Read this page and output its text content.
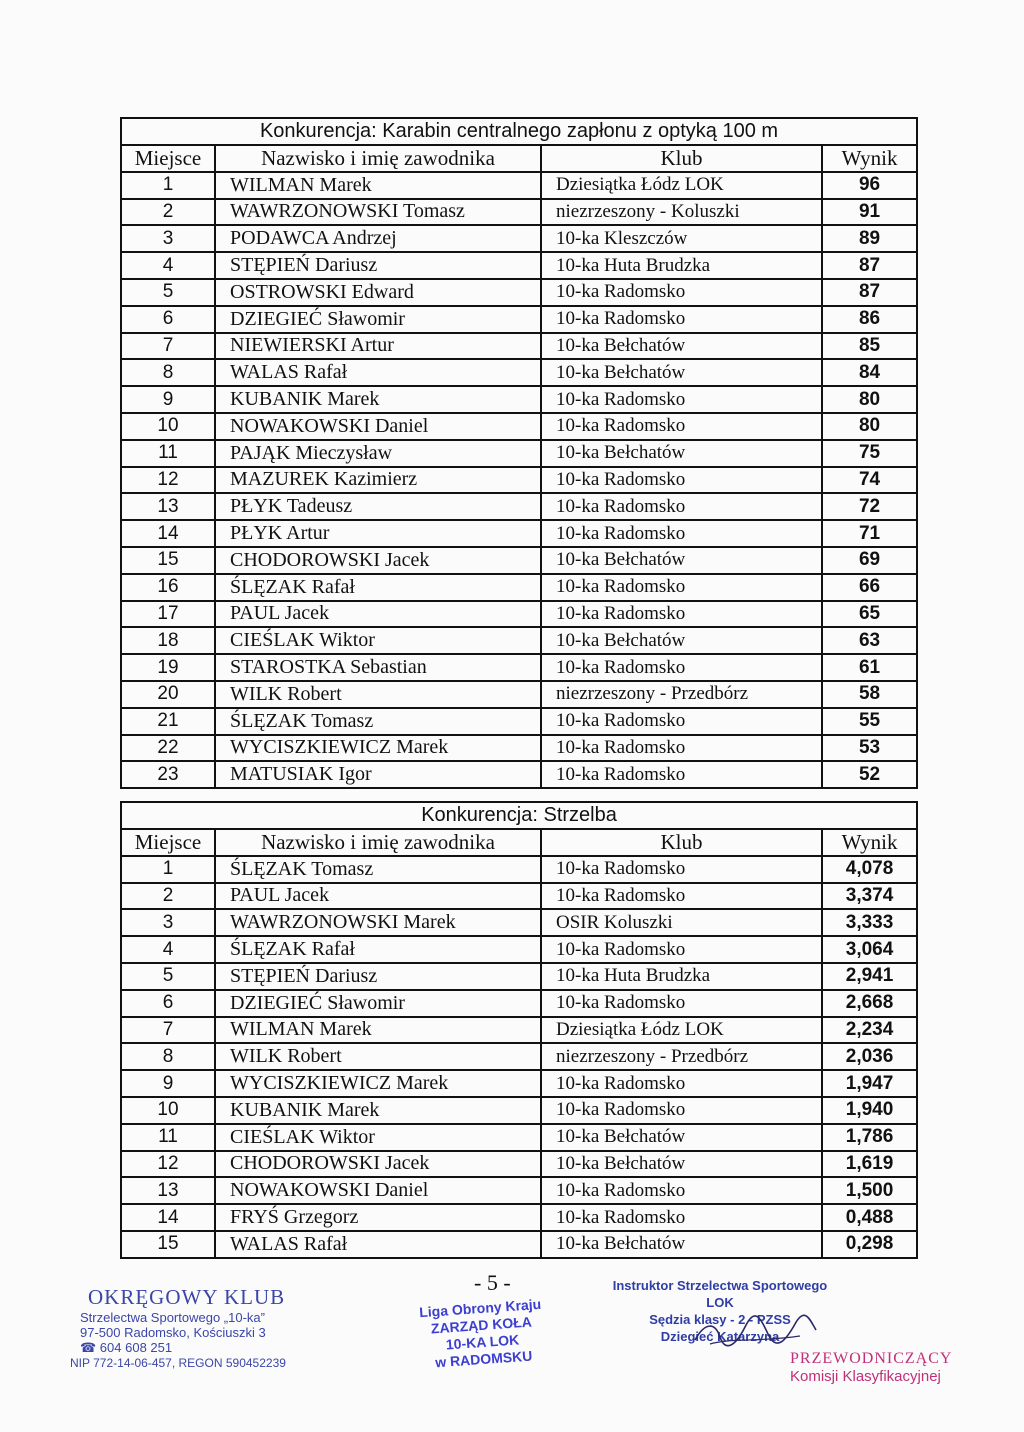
Konkurencja: Karabin centralnego zapłonu z optyką 100 m			
Miejsce	Nazwisko i imię zawodnika	Klub	Wynik
1	WILMAN Marek	Dziesiątka Łódz LOK	96
2	WAWRZONOWSKI Tomasz	niezrzeszony - Koluszki	91
3	PODAWCA Andrzej	10-ka Kleszczów	89
4	STĘPIEŃ Dariusz	10-ka Huta Brudzka	87
5	OSTROWSKI Edward	10-ka Radomsko	87
6	DZIEGIEĆ Sławomir	10-ka Radomsko	86
7	NIEWIERSKI Artur	10-ka Bełchatów	85
8	WALAS Rafał	10-ka Bełchatów	84
9	KUBANIK Marek	10-ka Radomsko	80
10	NOWAKOWSKI Daniel	10-ka Radomsko	80
11	PAJĄK Mieczysław	10-ka Bełchatów	75
12	MAZUREK Kazimierz	10-ka Radomsko	74
13	PŁYK Tadeusz	10-ka Radomsko	72
14	PŁYK Artur	10-ka Radomsko	71
15	CHODOROWSKI Jacek	10-ka Bełchatów	69
16	ŚLĘZAK Rafał	10-ka Radomsko	66
17	PAUL Jacek	10-ka Radomsko	65
18	CIEŚLAK Wiktor	10-ka Bełchatów	63
19	STAROSTKA Sebastian	10-ka Radomsko	61
20	WILK Robert	niezrzeszony - Przedbórz	58
21	ŚLĘZAK Tomasz	10-ka Radomsko	55
22	WYCISZKIEWICZ Marek	10-ka Radomsko	53
23	MATUSIAK Igor	10-ka Radomsko	52
Konkurencja: Strzelba			
Miejsce	Nazwisko i imię zawodnika	Klub	Wynik
1	ŚLĘZAK Tomasz	10-ka Radomsko	4,078
2	PAUL Jacek	10-ka Radomsko	3,374
3	WAWRZONOWSKI Marek	OSIR Koluszki	3,333
4	ŚLĘZAK Rafał	10-ka Radomsko	3,064
5	STĘPIEŃ Dariusz	10-ka Huta Brudzka	2,941
6	DZIEGIEĆ Sławomir	10-ka Radomsko	2,668
7	WILMAN Marek	Dziesiątka Łódz LOK	2,234
8	WILK Robert	niezrzeszony - Przedbórz	2,036
9	WYCISZKIEWICZ Marek	10-ka Radomsko	1,947
10	KUBANIK Marek	10-ka Radomsko	1,940
11	CIEŚLAK Wiktor	10-ka Bełchatów	1,786
12	CHODOROWSKI Jacek	10-ka Bełchatów	1,619
13	NOWAKOWSKI Daniel	10-ka Radomsko	1,500
14	FRYŚ Grzegorz	10-ka Radomsko	0,488
15	WALAS Rafał	10-ka Bełchatów	0,298
- 5 -
OKRĘGOWY KLUB
Strzelectwa Sportowego „10-ka”
97-500 Radomsko, Kościuszki 3
☎ 604 608 251
NIP 772-14-06-457, REGON 590452239
Liga Obrony Kraju
ZARZĄD KOŁA
10-KA LOK
w RADOMSKU
Instruktor Strzelectwa Sportowego LOK
Sędzia klasy - 2 - PZSS
Dziegieć Katarzyna
PRZEWODNICZĄCY
Komisji Klasyfikacyjnej
